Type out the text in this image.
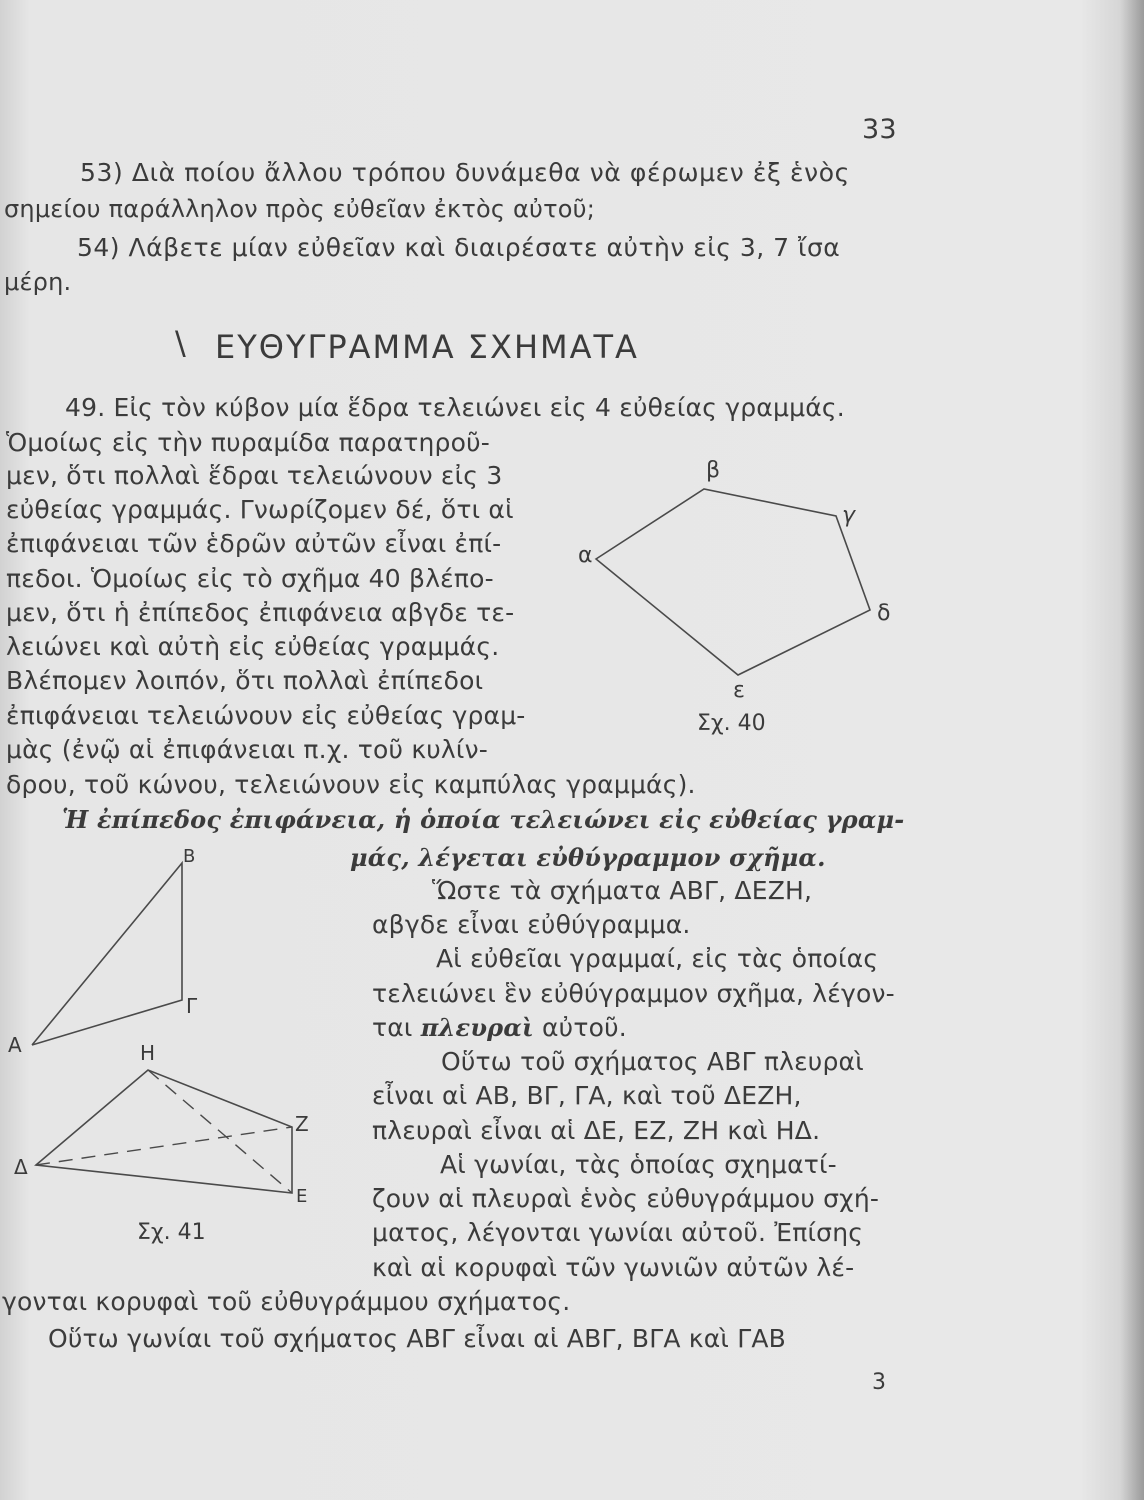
33
53) Διὰ ποίου ἄλλου τρόπου δυνάμεθα νὰ φέρωμεν ἐξ ἑνὸς
σημείου παράλληλον πρὸς εὐθεῖαν ἐκτὸς αὐτοῦ;
54) Λάβετε μίαν εὐθεῖαν καὶ διαιρέσατε αὐτὴν εἰς 3, 7 ἴσα
μέρη.
\ ΕΥΘΥΓΡΑΜΜΑ ΣΧΗΜΑΤΑ
49. Εἰς τὸν κύβον μία ἕδρα τελειώνει εἰς 4 εὐθείας γραμμάς.
Ὁμοίως εἰς τὴν πυραμίδα παρατηροῦ-
μεν, ὅτι πολλαὶ ἕδραι τελειώνουν εἰς 3
εὐθείας γραμμάς. Γνωρίζομεν δέ, ὅτι αἱ
ἐπιφάνειαι τῶν ἑδρῶν αὐτῶν εἶναι ἐπί-
πεδοι. Ὁμοίως εἰς τὸ σχῆμα 40 βλέπο-
μεν, ὅτι ἡ ἐπίπεδος ἐπιφάνεια αβγδε τε-
λειώνει καὶ αὐτὴ εἰς εὐθείας γραμμάς.
Βλέπομεν λοιπόν, ὅτι πολλαὶ ἐπίπεδοι
ἐπιφάνειαι τελειώνουν εἰς εὐθείας γραμ-
μὰς (ἐνῷ αἱ ἐπιφάνειαι π.χ. τοῦ κυλίν-
δρου, τοῦ κώνου, τελειώνουν εἰς καμπύλας γραμμάς).
Ἡ ἐπίπεδος ἐπιφάνεια, ἡ ὁποία τελειώνει εἰς εὐθείας γραμ-
μάς, λέγεται εὐθύγραμμον σχῆμα.
Ὥστε τὰ σχήματα ΑΒΓ, ΔΕΖΗ,
αβγδε εἶναι εὐθύγραμμα.
Αἱ εὐθεῖαι γραμμαί, εἰς τὰς ὁποίας
τελειώνει ἓν εὐθύγραμμον σχῆμα, λέγον-
ται πλευραὶ αὐτοῦ.
Οὕτω τοῦ σχήματος ΑΒΓ πλευραὶ
εἶναι αἱ ΑΒ, ΒΓ, ΓΑ, καὶ τοῦ ΔΕΖΗ,
πλευραὶ εἶναι αἱ ΔΕ, ΕΖ, ΖΗ καὶ ΗΔ.
Αἱ γωνίαι, τὰς ὁποίας σχηματί-
ζουν αἱ πλευραὶ ἑνὸς εὐθυγράμμου σχή-
ματος, λέγονται γωνίαι αὐτοῦ. Ἐπίσης
καὶ αἱ κορυφαὶ τῶν γωνιῶν αὐτῶν λέ-
γονται κορυφαὶ τοῦ εὐθυγράμμου σχήματος.
Οὕτω γωνίαι τοῦ σχήματος ΑΒΓ εἶναι αἱ ΑΒΓ, ΒΓΑ καὶ ΓΑΒ
3
α
β
γ
δ
ε
Σχ. 40
Β
Γ
Α	Η
Ζ
Δ
Ε
Σχ. 41
